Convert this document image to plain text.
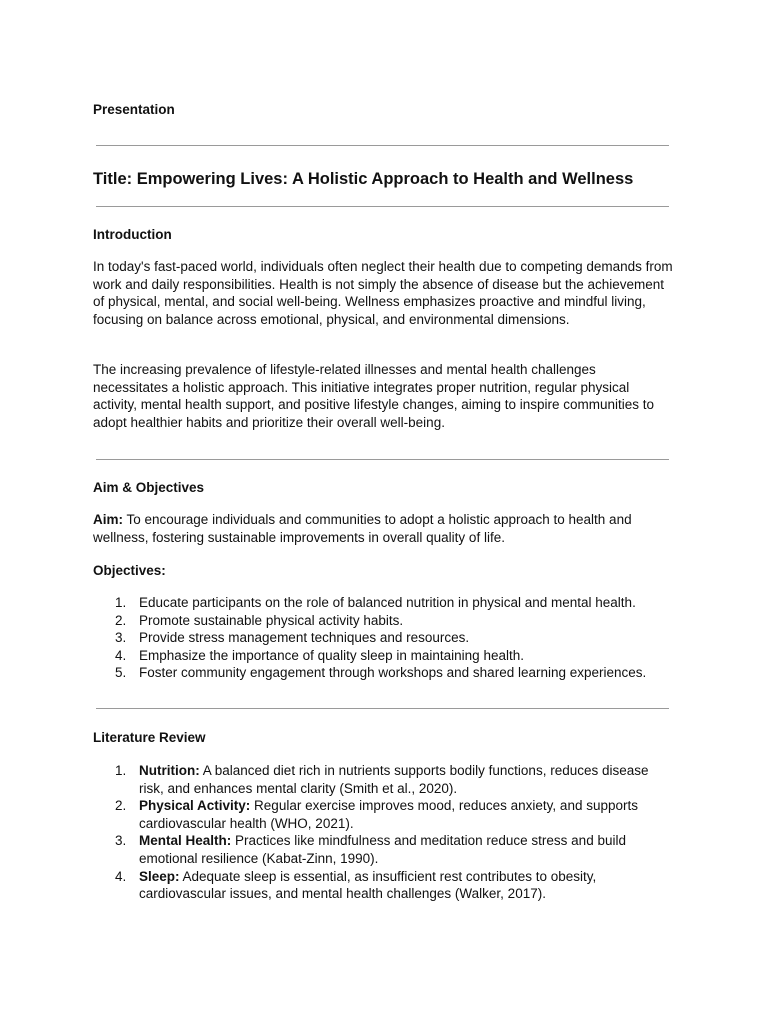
Presentation

Title: Empowering Lives: A Holistic Approach to Health and Wellness
Introduction

In today's fast-paced world, individuals often neglect their health due to competing demands from work and daily responsibilities. Health is not simply the absence of disease but the achievement of physical, mental, and social well-being. Wellness emphasizes proactive and mindful living, focusing on balance across emotional, physical, and environmental dimensions.

The increasing prevalence of lifestyle-related illnesses and mental health challenges necessitates a holistic approach. This initiative integrates proper nutrition, regular physical activity, mental health support, and positive lifestyle changes, aiming to inspire communities to adopt healthier habits and prioritize their overall well-being.

Aim & Objectives

Aim: To encourage individuals and communities to adopt a holistic approach to health and wellness, fostering sustainable improvements in overall quality of life.

Objectives:

1. Educate participants on the role of balanced nutrition in physical and mental health.
2. Promote sustainable physical activity habits.
3. Provide stress management techniques and resources.
4. Emphasize the importance of quality sleep in maintaining health.
5. Foster community engagement through workshops and shared learning experiences.
Literature Review
1. Nutrition: A balanced diet rich in nutrients supports bodily functions, reduces disease risk, and enhances mental clarity (Smith et al., 2020).
2. Physical Activity: Regular exercise improves mood, reduces anxiety, and supports cardiovascular health (WHO, 2021).
3. Mental Health: Practices like mindfulness and meditation reduce stress and build emotional resilience (Kabat-Zinn, 1990).
4. Sleep: Adequate sleep is essential, as insufficient rest contributes to obesity, cardiovascular issues, and mental health challenges (Walker, 2017).
